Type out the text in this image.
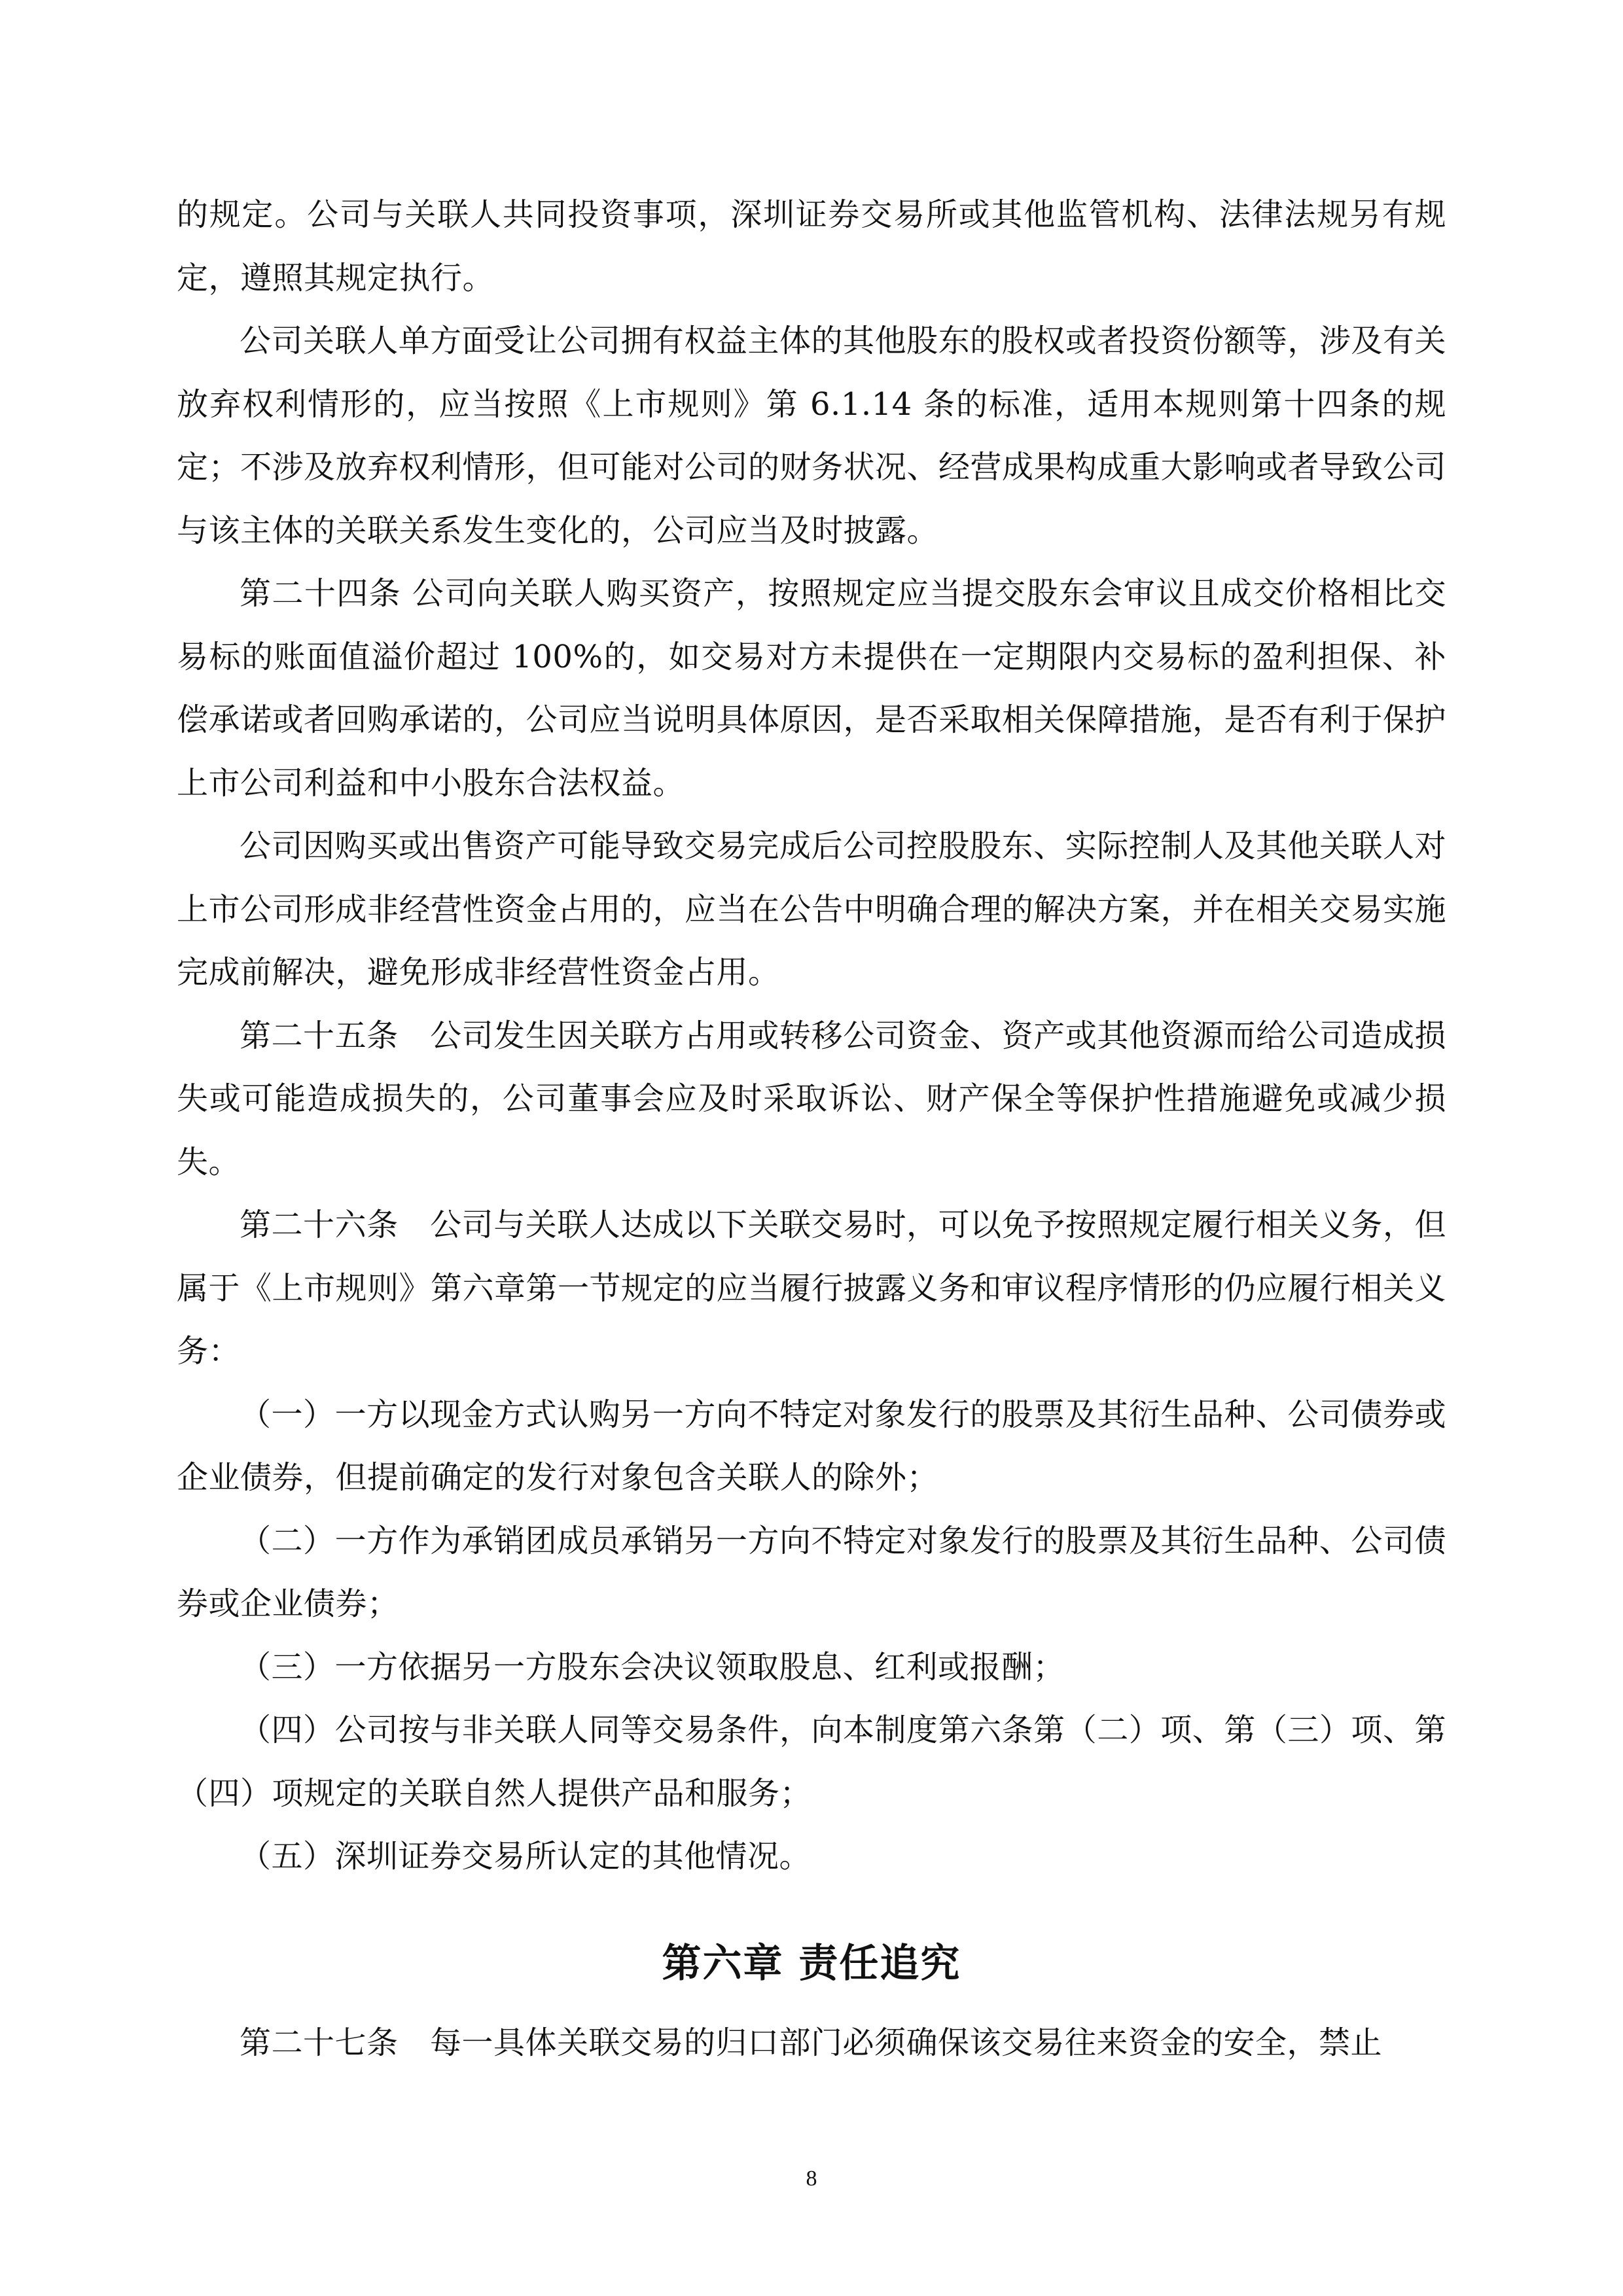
的规定。公司与关联人共同投资事项，深圳证券交易所或其他监管机构、法律法规另有规定，遵照其规定执行。

公司关联人单方面受让公司拥有权益主体的其他股东的股权或者投资份额等，涉及有关放弃权利情形的，应当按照《上市规则》第 6.1.14 条的标准，适用本规则第十四条的规定；不涉及放弃权利情形，但可能对公司的财务状况、经营成果构成重大影响或者导致公司与该主体的关联关系发生变化的，公司应当及时披露。

第二十四条 公司向关联人购买资产，按照规定应当提交股东会审议且成交价格相比交易标的账面值溢价超过 100%的，如交易对方未提供在一定期限内交易标的盈利担保、补偿承诺或者回购承诺的，公司应当说明具体原因，是否采取相关保障措施，是否有利于保护上市公司利益和中小股东合法权益。

公司因购买或出售资产可能导致交易完成后公司控股股东、实际控制人及其他关联人对上市公司形成非经营性资金占用的，应当在公告中明确合理的解决方案，并在相关交易实施完成前解决，避免形成非经营性资金占用。

第二十五条　公司发生因关联方占用或转移公司资金、资产或其他资源而给公司造成损失或可能造成损失的，公司董事会应及时采取诉讼、财产保全等保护性措施避免或减少损失。

第二十六条　公司与关联人达成以下关联交易时，可以免予按照规定履行相关义务，但属于《上市规则》第六章第一节规定的应当履行披露义务和审议程序情形的仍应履行相关义务：

（一）一方以现金方式认购另一方向不特定对象发行的股票及其衍生品种、公司债券或企业债券，但提前确定的发行对象包含关联人的除外；

（二）一方作为承销团成员承销另一方向不特定对象发行的股票及其衍生品种、公司债券或企业债券；

（三）一方依据另一方股东会决议领取股息、红利或报酬；

（四）公司按与非关联人同等交易条件，向本制度第六条第（二）项、第（三）项、第（四）项规定的关联自然人提供产品和服务；

（五）深圳证券交易所认定的其他情况。

第六章 责任追究

第二十七条　每一具体关联交易的归口部门必须确保该交易往来资金的安全，禁止

8
